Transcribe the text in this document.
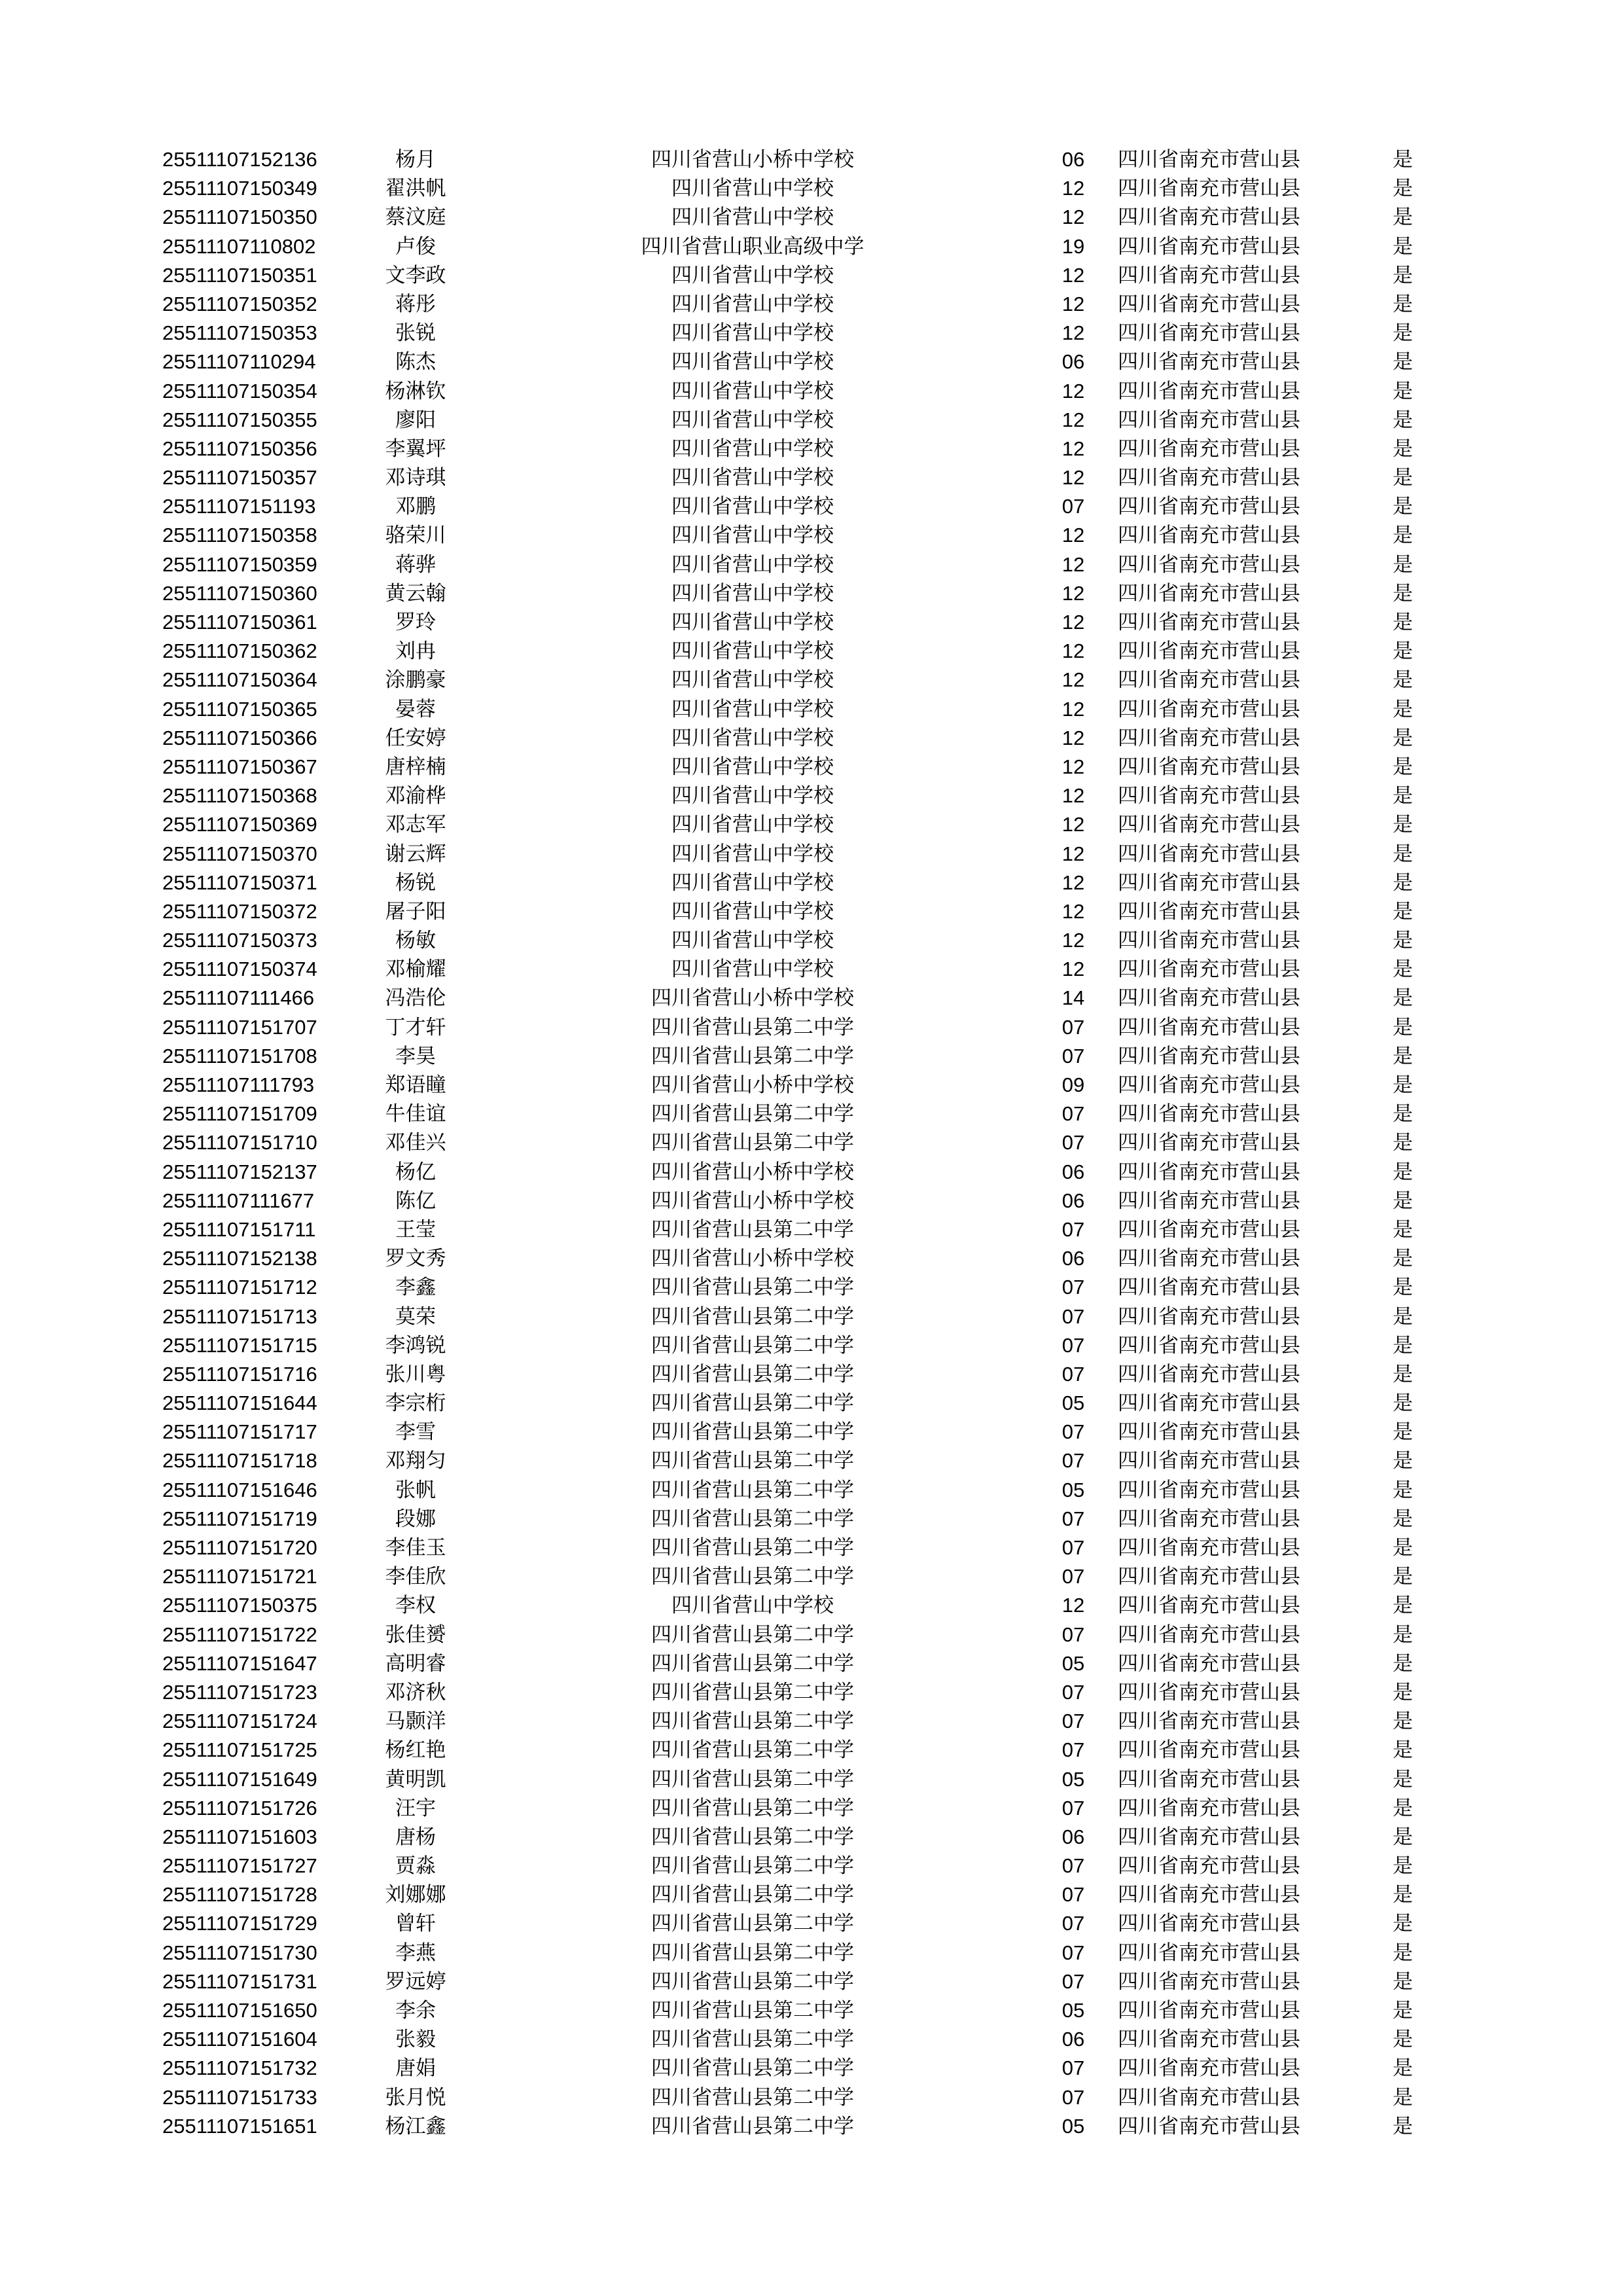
25511107152136	杨月	四川省营山小桥中学校	06	四川省南充市营山县	是
25511107150349	翟洪帆	四川省营山中学校	12	四川省南充市营山县	是
25511107150350	蔡汶庭	四川省营山中学校	12	四川省南充市营山县	是
25511107110802	卢俊	四川省营山职业高级中学	19	四川省南充市营山县	是
25511107150351	文李政	四川省营山中学校	12	四川省南充市营山县	是
25511107150352	蒋彤	四川省营山中学校	12	四川省南充市营山县	是
25511107150353	张锐	四川省营山中学校	12	四川省南充市营山县	是
25511107110294	陈杰	四川省营山中学校	06	四川省南充市营山县	是
25511107150354	杨淋钦	四川省营山中学校	12	四川省南充市营山县	是
25511107150355	廖阳	四川省营山中学校	12	四川省南充市营山县	是
25511107150356	李翼坪	四川省营山中学校	12	四川省南充市营山县	是
25511107150357	邓诗琪	四川省营山中学校	12	四川省南充市营山县	是
25511107151193	邓鹏	四川省营山中学校	07	四川省南充市营山县	是
25511107150358	骆荣川	四川省营山中学校	12	四川省南充市营山县	是
25511107150359	蒋骅	四川省营山中学校	12	四川省南充市营山县	是
25511107150360	黄云翰	四川省营山中学校	12	四川省南充市营山县	是
25511107150361	罗玲	四川省营山中学校	12	四川省南充市营山县	是
25511107150362	刘冉	四川省营山中学校	12	四川省南充市营山县	是
25511107150364	涂鹏豪	四川省营山中学校	12	四川省南充市营山县	是
25511107150365	晏蓉	四川省营山中学校	12	四川省南充市营山县	是
25511107150366	任安婷	四川省营山中学校	12	四川省南充市营山县	是
25511107150367	唐梓楠	四川省营山中学校	12	四川省南充市营山县	是
25511107150368	邓渝桦	四川省营山中学校	12	四川省南充市营山县	是
25511107150369	邓志军	四川省营山中学校	12	四川省南充市营山县	是
25511107150370	谢云辉	四川省营山中学校	12	四川省南充市营山县	是
25511107150371	杨锐	四川省营山中学校	12	四川省南充市营山县	是
25511107150372	屠子阳	四川省营山中学校	12	四川省南充市营山县	是
25511107150373	杨敏	四川省营山中学校	12	四川省南充市营山县	是
25511107150374	邓榆耀	四川省营山中学校	12	四川省南充市营山县	是
25511107111466	冯浩伦	四川省营山小桥中学校	14	四川省南充市营山县	是
25511107151707	丁才轩	四川省营山县第二中学	07	四川省南充市营山县	是
25511107151708	李昊	四川省营山县第二中学	07	四川省南充市营山县	是
25511107111793	郑语瞳	四川省营山小桥中学校	09	四川省南充市营山县	是
25511107151709	牛佳谊	四川省营山县第二中学	07	四川省南充市营山县	是
25511107151710	邓佳兴	四川省营山县第二中学	07	四川省南充市营山县	是
25511107152137	杨亿	四川省营山小桥中学校	06	四川省南充市营山县	是
25511107111677	陈亿	四川省营山小桥中学校	06	四川省南充市营山县	是
25511107151711	王莹	四川省营山县第二中学	07	四川省南充市营山县	是
25511107152138	罗文秀	四川省营山小桥中学校	06	四川省南充市营山县	是
25511107151712	李鑫	四川省营山县第二中学	07	四川省南充市营山县	是
25511107151713	莫荣	四川省营山县第二中学	07	四川省南充市营山县	是
25511107151715	李鸿锐	四川省营山县第二中学	07	四川省南充市营山县	是
25511107151716	张川粤	四川省营山县第二中学	07	四川省南充市营山县	是
25511107151644	李宗桁	四川省营山县第二中学	05	四川省南充市营山县	是
25511107151717	李雪	四川省营山县第二中学	07	四川省南充市营山县	是
25511107151718	邓翔匀	四川省营山县第二中学	07	四川省南充市营山县	是
25511107151646	张帆	四川省营山县第二中学	05	四川省南充市营山县	是
25511107151719	段娜	四川省营山县第二中学	07	四川省南充市营山县	是
25511107151720	李佳玉	四川省营山县第二中学	07	四川省南充市营山县	是
25511107151721	李佳欣	四川省营山县第二中学	07	四川省南充市营山县	是
25511107150375	李权	四川省营山中学校	12	四川省南充市营山县	是
25511107151722	张佳赟	四川省营山县第二中学	07	四川省南充市营山县	是
25511107151647	高明睿	四川省营山县第二中学	05	四川省南充市营山县	是
25511107151723	邓济秋	四川省营山县第二中学	07	四川省南充市营山县	是
25511107151724	马颢洋	四川省营山县第二中学	07	四川省南充市营山县	是
25511107151725	杨红艳	四川省营山县第二中学	07	四川省南充市营山县	是
25511107151649	黄明凯	四川省营山县第二中学	05	四川省南充市营山县	是
25511107151726	汪宇	四川省营山县第二中学	07	四川省南充市营山县	是
25511107151603	唐杨	四川省营山县第二中学	06	四川省南充市营山县	是
25511107151727	贾淼	四川省营山县第二中学	07	四川省南充市营山县	是
25511107151728	刘娜娜	四川省营山县第二中学	07	四川省南充市营山县	是
25511107151729	曾轩	四川省营山县第二中学	07	四川省南充市营山县	是
25511107151730	李燕	四川省营山县第二中学	07	四川省南充市营山县	是
25511107151731	罗远婷	四川省营山县第二中学	07	四川省南充市营山县	是
25511107151650	李余	四川省营山县第二中学	05	四川省南充市营山县	是
25511107151604	张毅	四川省营山县第二中学	06	四川省南充市营山县	是
25511107151732	唐娟	四川省营山县第二中学	07	四川省南充市营山县	是
25511107151733	张月悦	四川省营山县第二中学	07	四川省南充市营山县	是
25511107151651	杨江鑫	四川省营山县第二中学	05	四川省南充市营山县	是
